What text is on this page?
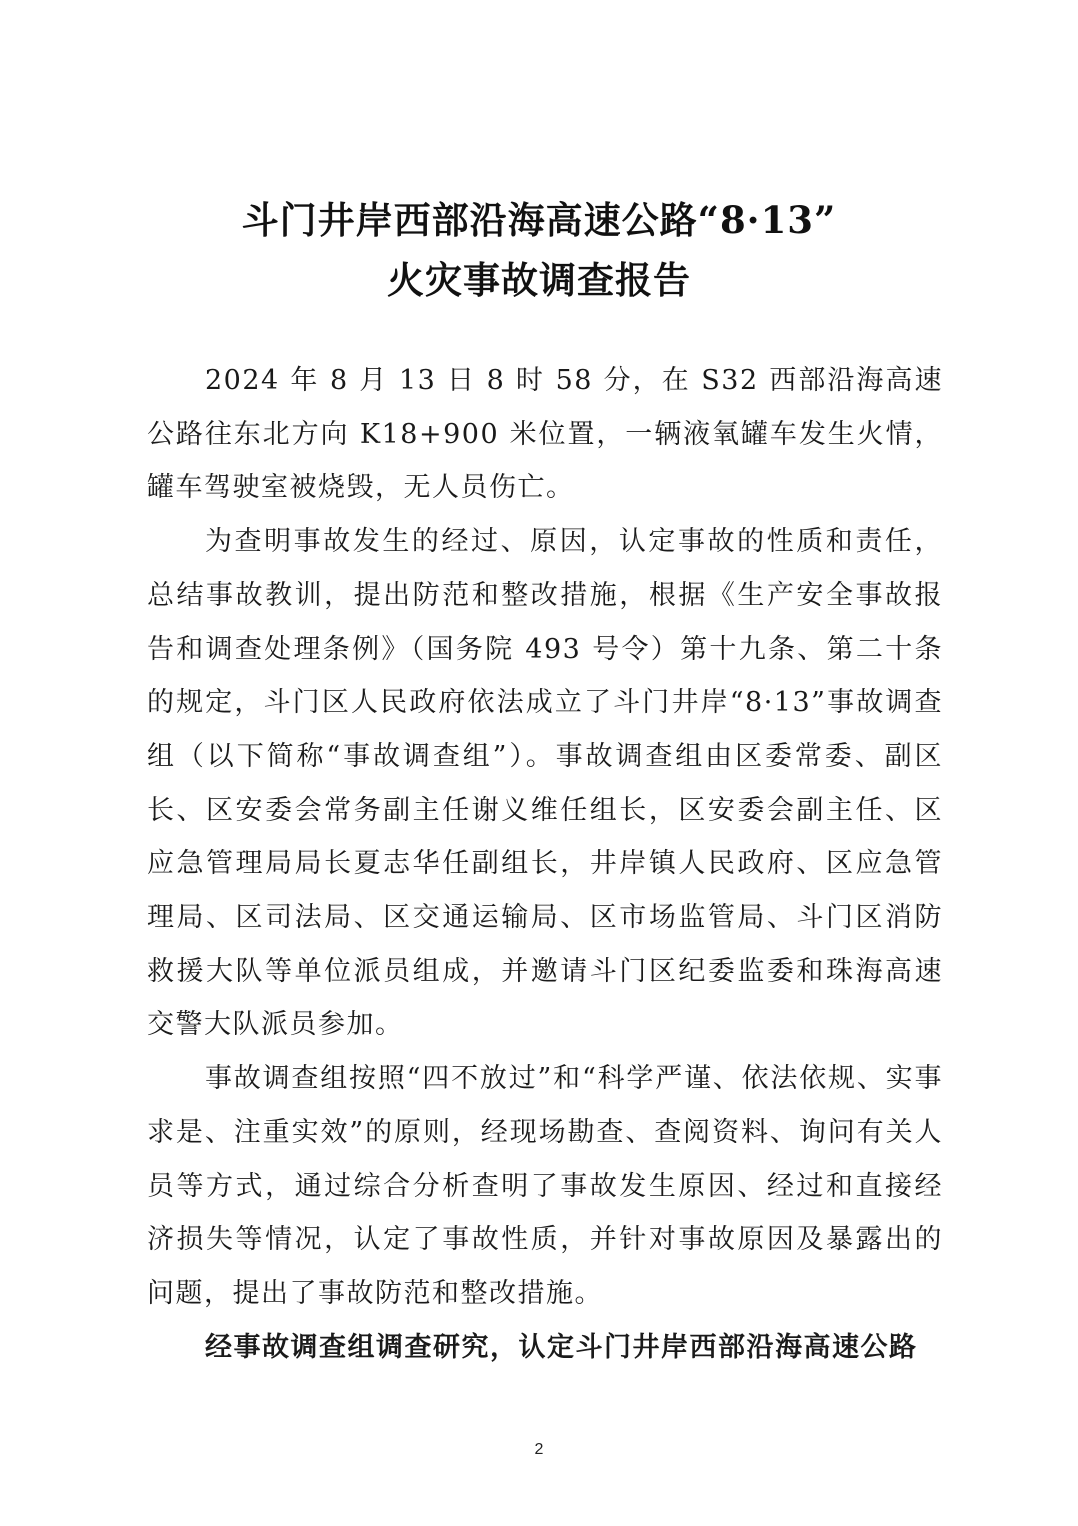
斗门井岸西部沿海高速公路“8·13”
火灾事故调查报告

2024 年 8 月 13 日 8 时 58 分，在 S32 西部沿海高速公路往东北方向 K18+900 米位置，一辆液氧罐车发生火情，罐车驾驶室被烧毁，无人员伤亡。

为查明事故发生的经过、原因，认定事故的性质和责任，总结事故教训，提出防范和整改措施，根据《生产安全事故报告和调查处理条例》（国务院 493 号令）第十九条、第二十条的规定，斗门区人民政府依法成立了斗门井岸“8·13”事故调查组（以下简称“事故调查组”）。事故调查组由区委常委、副区长、区安委会常务副主任谢义维任组长，区安委会副主任、区应急管理局局长夏志华任副组长，井岸镇人民政府、区应急管理局、区司法局、区交通运输局、区市场监管局、斗门区消防救援大队等单位派员组成，并邀请斗门区纪委监委和珠海高速交警大队派员参加。

事故调查组按照“四不放过”和“科学严谨、依法依规、实事求是、注重实效”的原则，经现场勘查、查阅资料、询问有关人员等方式，通过综合分析查明了事故发生原因、经过和直接经济损失等情况，认定了事故性质，并针对事故原因及暴露出的问题，提出了事故防范和整改措施。

经事故调查组调查研究，认定斗门井岸西部沿海高速公路

2
